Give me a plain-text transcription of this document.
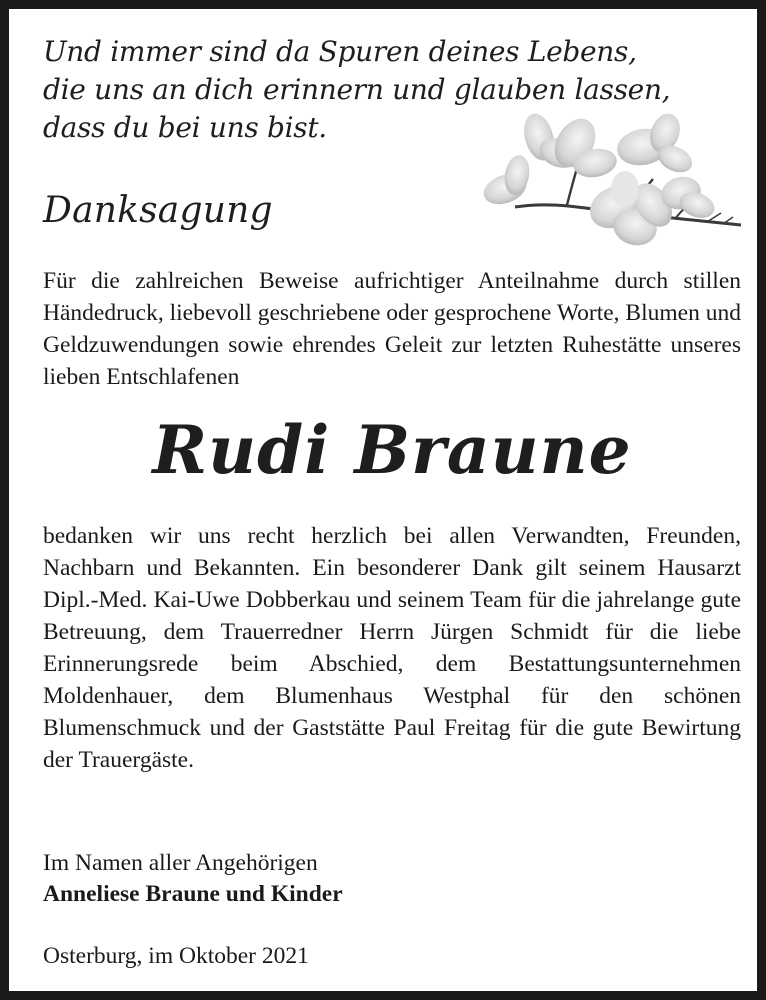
Und immer sind da Spuren deines Lebens,
die uns an dich erinnern und glauben lassen,
dass du bei uns bist.
Danksagung
Für die zahlreichen Beweise aufrichtiger Anteilnahme durch stillen Händedruck, liebevoll geschriebene oder gesprochene Worte, Blumen und Geldzuwendungen sowie ehrendes Geleit zur letzten Ruhestätte unseres lieben Entschlafenen
Rudi Braune
bedanken wir uns recht herzlich bei allen Verwandten, Freunden, Nachbarn und Bekannten. Ein besonderer Dank gilt seinem Hausarzt Dipl.-Med. Kai-Uwe Dobberkau und seinem Team für die jahrelange gute Betreuung, dem Trauerredner Herrn Jürgen Schmidt für die liebe Erinnerungsrede beim Abschied, dem Bestattungsunternehmen Moldenhauer, dem Blumenhaus Westphal für den schönen Blumenschmuck und der Gaststätte Paul Freitag für die gute Bewirtung der Trauergäste.
Im Namen aller Angehörigen
Anneliese Braune und Kinder
Osterburg, im Oktober 2021
